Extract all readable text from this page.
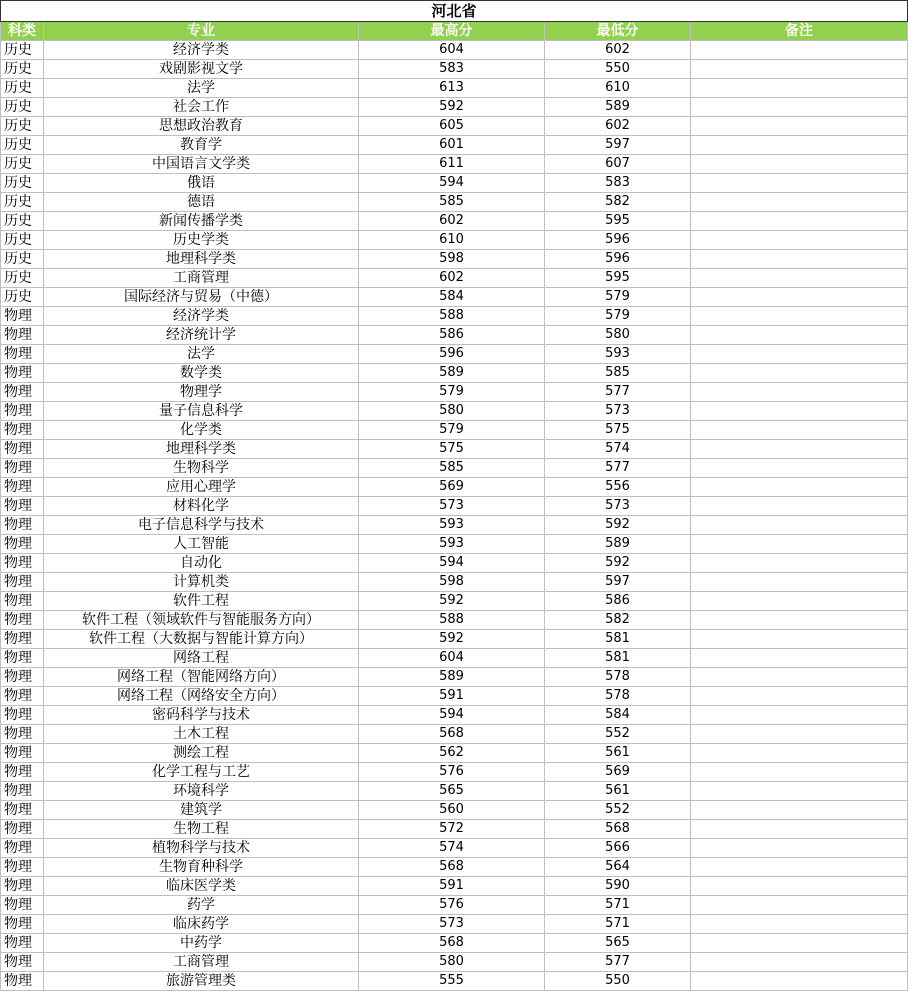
河北省				
科类	专业	最高分	最低分	备注
历史	经济学类	604	602	
历史	戏剧影视文学	583	550	
历史	法学	613	610	
历史	社会工作	592	589	
历史	思想政治教育	605	602	
历史	教育学	601	597	
历史	中国语言文学类	611	607	
历史	俄语	594	583	
历史	德语	585	582	
历史	新闻传播学类	602	595	
历史	历史学类	610	596	
历史	地理科学类	598	596	
历史	工商管理	602	595	
历史	国际经济与贸易（中德）	584	579	
物理	经济学类	588	579	
物理	经济统计学	586	580	
物理	法学	596	593	
物理	数学类	589	585	
物理	物理学	579	577	
物理	量子信息科学	580	573	
物理	化学类	579	575	
物理	地理科学类	575	574	
物理	生物科学	585	577	
物理	应用心理学	569	556	
物理	材料化学	573	573	
物理	电子信息科学与技术	593	592	
物理	人工智能	593	589	
物理	自动化	594	592	
物理	计算机类	598	597	
物理	软件工程	592	586	
物理	软件工程（领域软件与智能服务方向）	588	582	
物理	软件工程（大数据与智能计算方向）	592	581	
物理	网络工程	604	581	
物理	网络工程（智能网络方向）	589	578	
物理	网络工程（网络安全方向）	591	578	
物理	密码科学与技术	594	584	
物理	土木工程	568	552	
物理	测绘工程	562	561	
物理	化学工程与工艺	576	569	
物理	环境科学	565	561	
物理	建筑学	560	552	
物理	生物工程	572	568	
物理	植物科学与技术	574	566	
物理	生物育种科学	568	564	
物理	临床医学类	591	590	
物理	药学	576	571	
物理	临床药学	573	571	
物理	中药学	568	565	
物理	工商管理	580	577	
物理	旅游管理类	555	550	
